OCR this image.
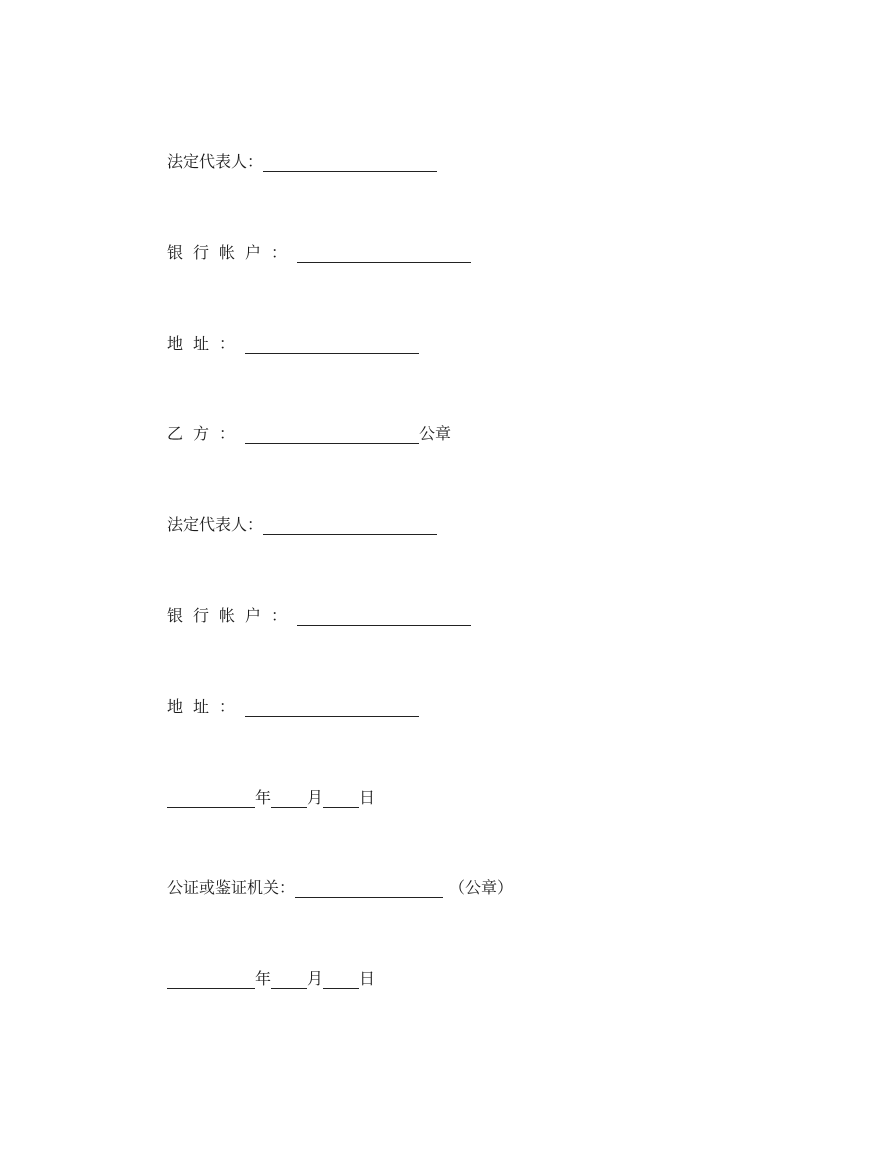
法定代表人：
银行帐户：
地址：
乙方：	公章
法定代表人：
银行帐户：
地址：
年 月 日
公证或鉴证机关：	（公章）
年 月 日
